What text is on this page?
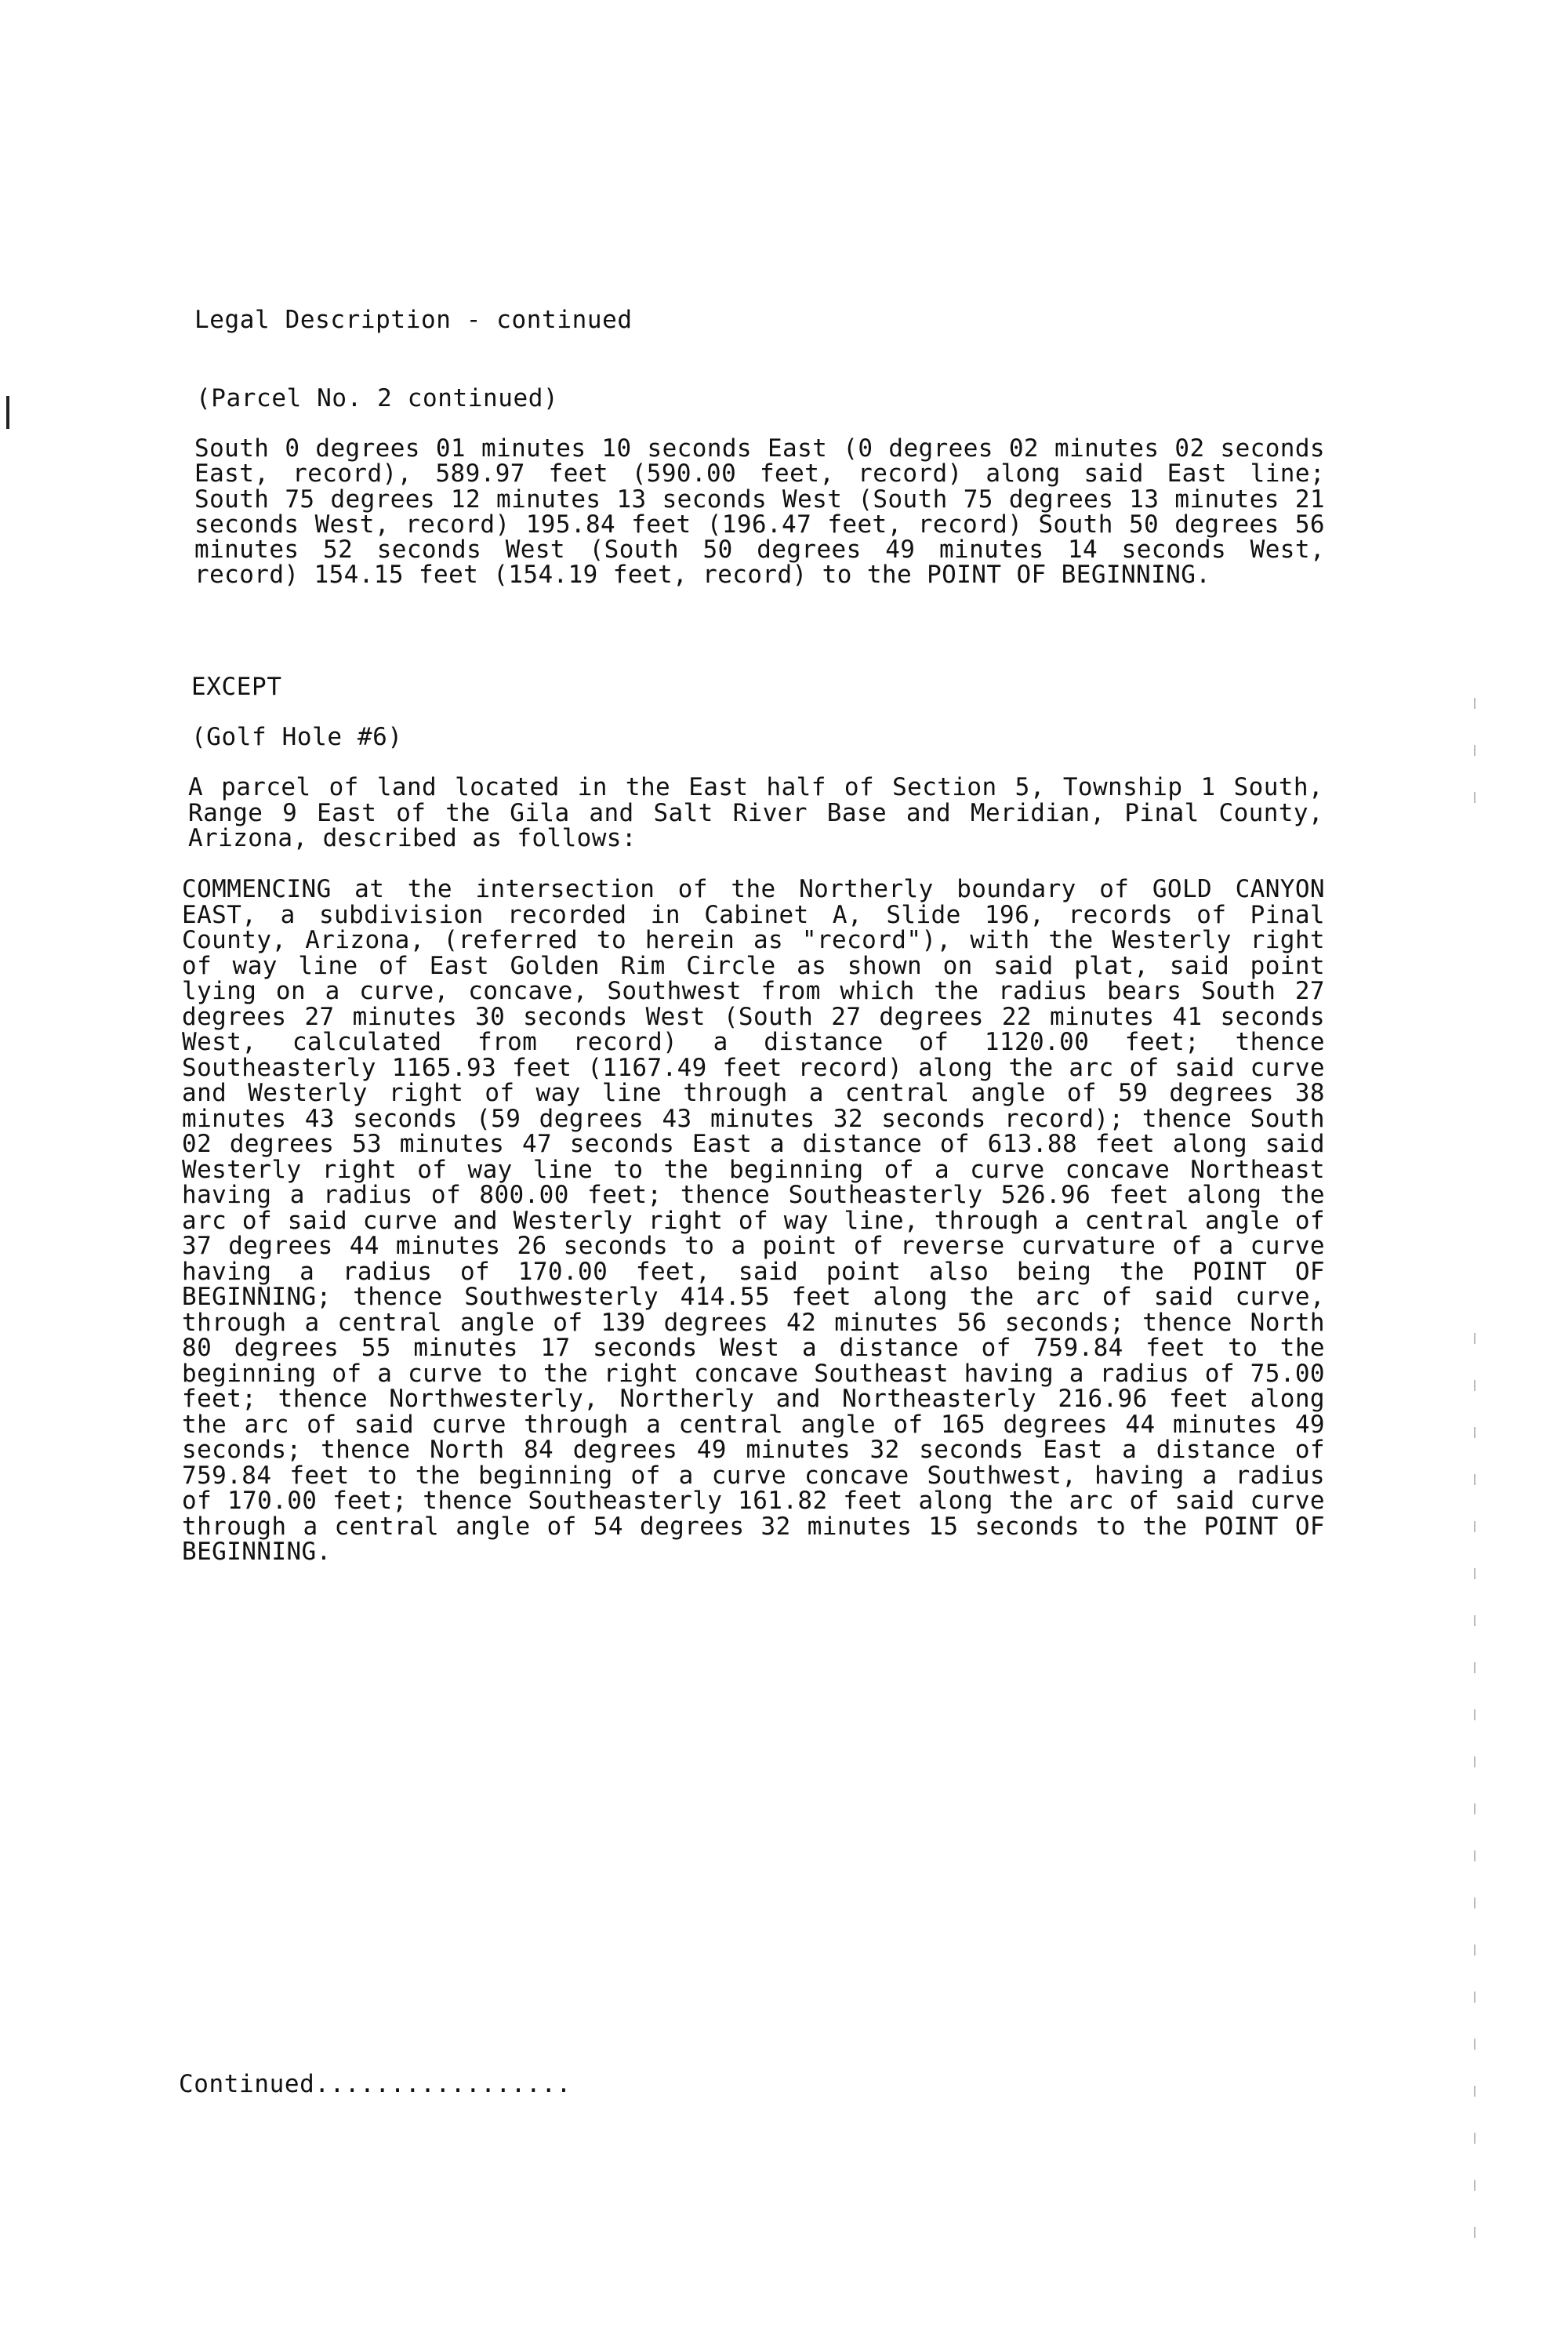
Legal Description - continued
(Parcel No. 2 continued)
South 0 degrees 01 minutes 10 seconds East (0 degrees 02 minutes 02 seconds East, record), 589.97 feet (590.00 feet, record) along said East line; South 75 degrees 12 minutes 13 seconds West (South 75 degrees 13 minutes 21 seconds West, record) 195.84 feet (196.47 feet, record) South 50 degrees 56 minutes 52 seconds West (South 50 degrees 49 minutes 14 seconds West, record) 154.15 feet (154.19 feet, record) to the POINT OF BEGINNING.
EXCEPT
(Golf Hole #6)
A parcel of land located in the East half of Section 5, Township 1 South, Range 9 East of the Gila and Salt River Base and Meridian, Pinal County, Arizona, described as follows:
COMMENCING at the intersection of the Northerly boundary of GOLD CANYON EAST, a subdivision recorded in Cabinet A, Slide 196, records of Pinal County, Arizona, (referred to herein as "record"), with the Westerly right of way line of East Golden Rim Circle as shown on said plat, said point lying on a curve, concave, Southwest from which the radius bears South 27 degrees 27 minutes 30 seconds West (South 27 degrees 22 minutes 41 seconds West, calculated from record) a distance of 1120.00 feet; thence Southeasterly 1165.93 feet (1167.49 feet record) along the arc of said curve and Westerly right of way line through a central angle of 59 degrees 38 minutes 43 seconds (59 degrees 43 minutes 32 seconds record); thence South 02 degrees 53 minutes 47 seconds East a distance of 613.88 feet along said Westerly right of way line to the beginning of a curve concave Northeast having a radius of 800.00 feet; thence Southeasterly 526.96 feet along the arc of said curve and Westerly right of way line, through a central angle of 37 degrees 44 minutes 26 seconds to a point of reverse curvature of a curve having a radius of 170.00 feet, said point also being the POINT OF BEGINNING; thence Southwesterly 414.55 feet along the arc of said curve, through a central angle of 139 degrees 42 minutes 56 seconds; thence North 80 degrees 55 minutes 17 seconds West a distance of 759.84 feet to the beginning of a curve to the right concave Southeast having a radius of 75.00 feet; thence Northwesterly, Northerly and Northeasterly 216.96 feet along the arc of said curve through a central angle of 165 degrees 44 minutes 49 seconds; thence North 84 degrees 49 minutes 32 seconds East a distance of 759.84 feet to the beginning of a curve concave Southwest, having a radius of 170.00 feet; thence Southeasterly 161.82 feet along the arc of said curve through a central angle of 54 degrees 32 minutes 15 seconds to the POINT OF BEGINNING.
Continued.................
